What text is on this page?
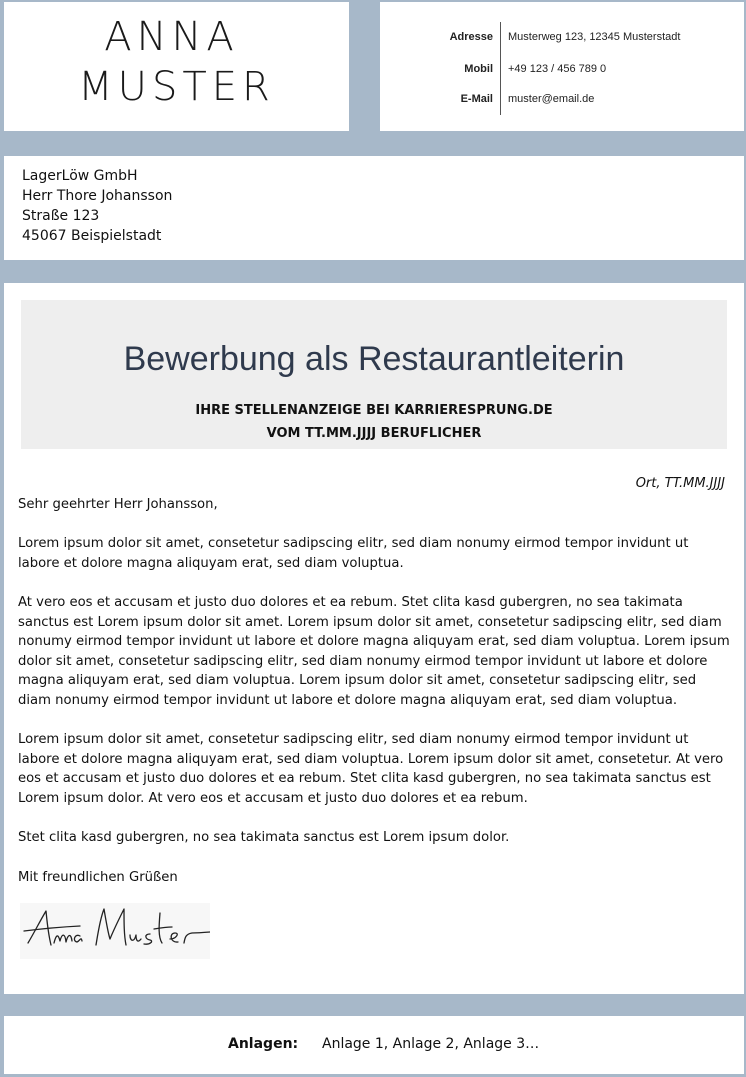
ANNA
MUSTER
Adresse Musterweg 123, 12345 Musterstadt
Mobil +49 123 / 456 789 0
E-Mail muster@email.de
LagerLöw GmbH
Herr Thore Johansson
Straße 123
45067 Beispielstadt
Bewerbung als Restaurantleiterin
IHRE STELLENANZEIGE BEI KARRIERESPRUNG.DE
VOM TT.MM.JJJJ BERUFLICHER
Ort, TT.MM.JJJJ
Sehr geehrter Herr Johansson,
Lorem ipsum dolor sit amet, consetetur sadipscing elitr, sed diam nonumy eirmod tempor invidunt ut labore et dolore magna aliquyam erat, sed diam voluptua.
At vero eos et accusam et justo duo dolores et ea rebum. Stet clita kasd gubergren, no sea takimata sanctus est Lorem ipsum dolor sit amet. Lorem ipsum dolor sit amet, consetetur sadipscing elitr, sed diam nonumy eirmod tempor invidunt ut labore et dolore magna aliquyam erat, sed diam voluptua. Lorem ipsum dolor sit amet, consetetur sadipscing elitr, sed diam nonumy eirmod tempor invidunt ut labore et dolore magna aliquyam erat, sed diam voluptua. Lorem ipsum dolor sit amet, consetetur sadipscing elitr, sed diam nonumy eirmod tempor invidunt ut labore et dolore magna aliquyam erat, sed diam voluptua.
Lorem ipsum dolor sit amet, consetetur sadipscing elitr, sed diam nonumy eirmod tempor invidunt ut labore et dolore magna aliquyam erat, sed diam voluptua. Lorem ipsum dolor sit amet, consetetur. At vero eos et accusam et justo duo dolores et ea rebum. Stet clita kasd gubergren, no sea takimata sanctus est Lorem ipsum dolor. At vero eos et accusam et justo duo dolores et ea rebum.
Stet clita kasd gubergren, no sea takimata sanctus est Lorem ipsum dolor.
Mit freundlichen Grüßen
Anlagen: Anlage 1, Anlage 2, Anlage 3…
